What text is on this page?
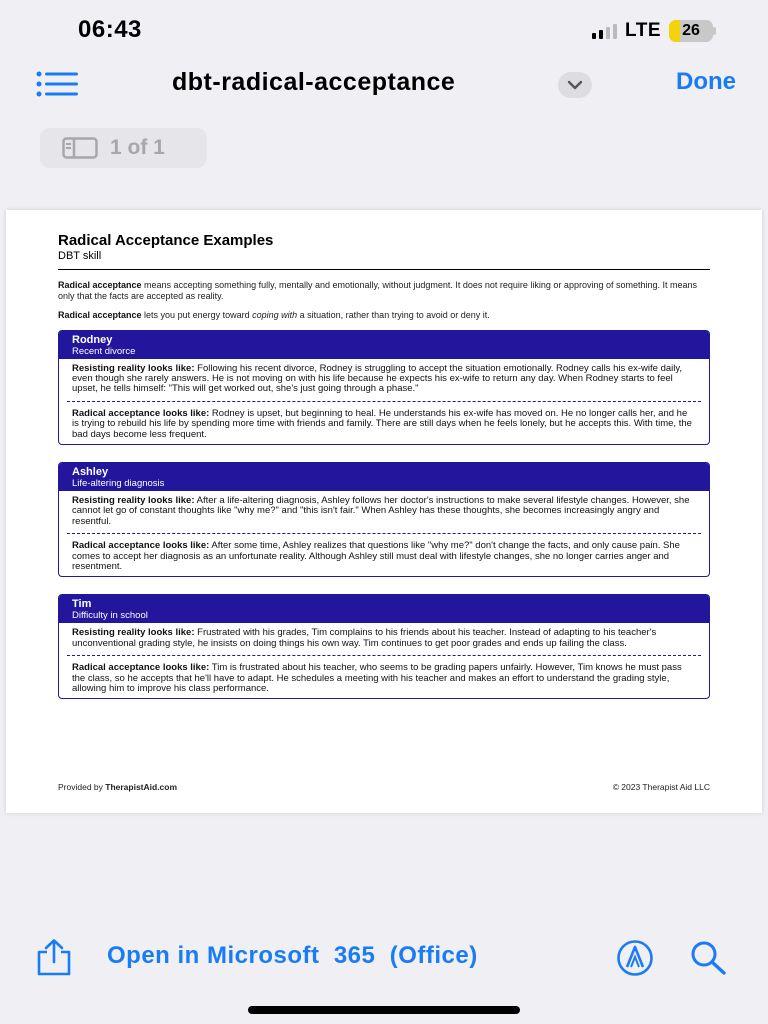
06:43	LTE	26
dbt-radical-acceptance	Done
1 of 1

Radical Acceptance Examples

DBT skill

Radical acceptance means accepting something fully, mentally and emotionally, without judgment. It does not require liking or approving of something. It means only that the facts are accepted as reality.

Radical acceptance lets you put energy toward coping with a situation, rather than trying to avoid or deny it.

Rodney
Recent divorce
Resisting reality looks like: Following his recent divorce, Rodney is struggling to accept the situation emotionally. Rodney calls his ex-wife daily, even though she rarely answers. He is not moving on with his life because he expects his ex-wife to return any day. When Rodney starts to feel upset, he tells himself: "This will get worked out, she's just going through a phase."
Radical acceptance looks like: Rodney is upset, but beginning to heal. He understands his ex-wife has moved on. He no longer calls her, and he is trying to rebuild his life by spending more time with friends and family. There are still days when he feels lonely, but he accepts this. With time, the bad days become less frequent.
Ashley
Life-altering diagnosis
Resisting reality looks like: After a life-altering diagnosis, Ashley follows her doctor's instructions to make several lifestyle changes. However, she cannot let go of constant thoughts like "why me?" and "this isn't fair." When Ashley has these thoughts, she becomes increasingly angry and resentful.
Radical acceptance looks like: After some time, Ashley realizes that questions like "why me?" don't change the facts, and only cause pain. She comes to accept her diagnosis as an unfortunate reality. Although Ashley still must deal with lifestyle changes, she no longer carries anger and resentment.
Tim
Difficulty in school
Resisting reality looks like: Frustrated with his grades, Tim complains to his friends about his teacher. Instead of adapting to his teacher's unconventional grading style, he insists on doing things his own way. Tim continues to get poor grades and ends up failing the class.
Radical acceptance looks like: Tim is frustrated about his teacher, who seems to be grading papers unfairly. However, Tim knows he must pass the class, so he accepts that he'll have to adapt. He schedules a meeting with his teacher and makes an effort to understand the grading style, allowing him to improve his class performance.
Provided by TherapistAid.com	© 2023 Therapist Aid LLC
Open in Microsoft  365  (Office)
